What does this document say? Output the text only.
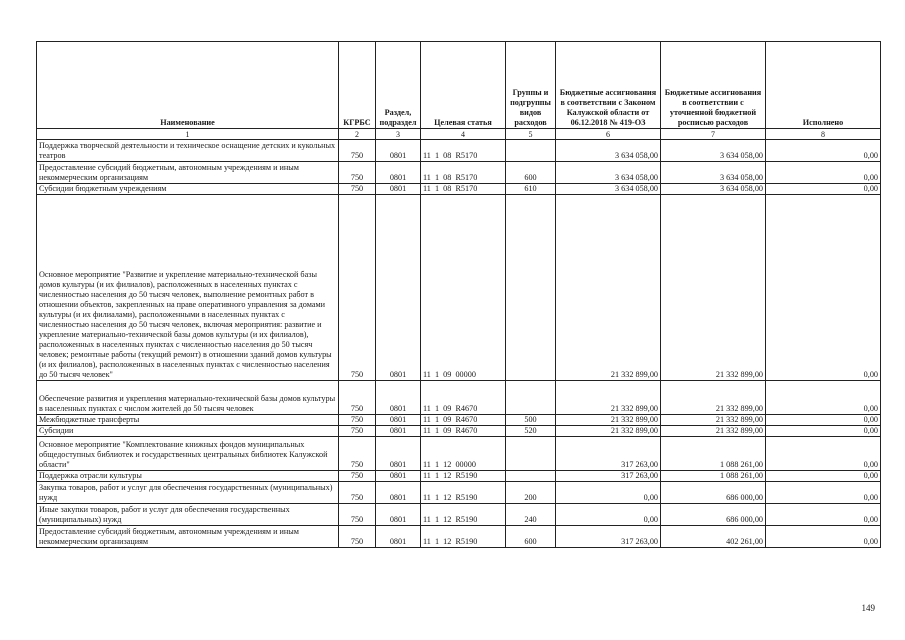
Наименование	КГРБС	Раздел, подраздел	Целевая статья	Группы и подгруппы видов расходов	Бюджетные ассигнования в соответствии с Законом Калужской области от 06.12.2018 № 419-ОЗ	Бюджетные ассигнования в соответствии с уточненной бюджетной росписью расходов	Исполнено
1	2	3	4	5	6	7	8
Поддержка творческой деятельности и техническое оснащение детских и кукольных театров	750	0801	11  1  08  R5170		3 634 058,00	3 634 058,00	0,00
Предоставление субсидий бюджетным, автономным учреждениям и иным некоммерческим организациям	750	0801	11  1  08  R5170	600	3 634 058,00	3 634 058,00	0,00
Субсидии бюджетным учреждениям	750	0801	11  1  08  R5170	610	3 634 058,00	3 634 058,00	0,00
Основное мероприятие "Развитие и укрепление материально-технической базы домов культуры (и их филиалов), расположенных в населенных пунктах с численностью населения до 50 тысяч человек, выполнение ремонтных работ в отношении объектов, закрепленных на праве оперативного управления за домами культуры (и их филиалами), расположенными в населенных пунктах с численностью населения до 50 тысяч человек, включая мероприятия: развитие и укрепление материально-технической базы домов культуры (и их филиалов), расположенных в населенных пунктах с численностью населения до 50 тысяч человек; ремонтные работы (текущий ремонт) в отношении зданий домов культуры (и их филиалов), расположенных в населенных пунктах с численностью населения до 50 тысяч человек"	750	0801	11  1  09  00000		21 332 899,00	21 332 899,00	0,00
Обеспечение развития и укрепления материально-технической базы домов культуры в населенных пунктах с числом жителей до 50 тысяч человек	750	0801	11  1  09  R4670		21 332 899,00	21 332 899,00	0,00
Межбюджетные трансферты	750	0801	11  1  09  R4670	500	21 332 899,00	21 332 899,00	0,00
Субсидии	750	0801	11  1  09  R4670	520	21 332 899,00	21 332 899,00	0,00
Основное мероприятие "Комплектование книжных фондов муниципальных общедоступных библиотек и государственных центральных библиотек Калужской области"	750	0801	11  1  12  00000		317 263,00	1 088 261,00	0,00
Поддержка отрасли культуры	750	0801	11  1  12  R5190		317 263,00	1 088 261,00	0,00
Закупка товаров, работ и услуг для обеспечения государственных (муниципальных) нужд	750	0801	11  1  12  R5190	200	0,00	686 000,00	0,00
Иные закупки товаров, работ и услуг для обеспечения государственных (муниципальных) нужд	750	0801	11  1  12  R5190	240	0,00	686 000,00	0,00
Предоставление субсидий бюджетным, автономным учреждениям и иным некоммерческим организациям	750	0801	11  1  12  R5190	600	317 263,00	402 261,00	0,00
149
